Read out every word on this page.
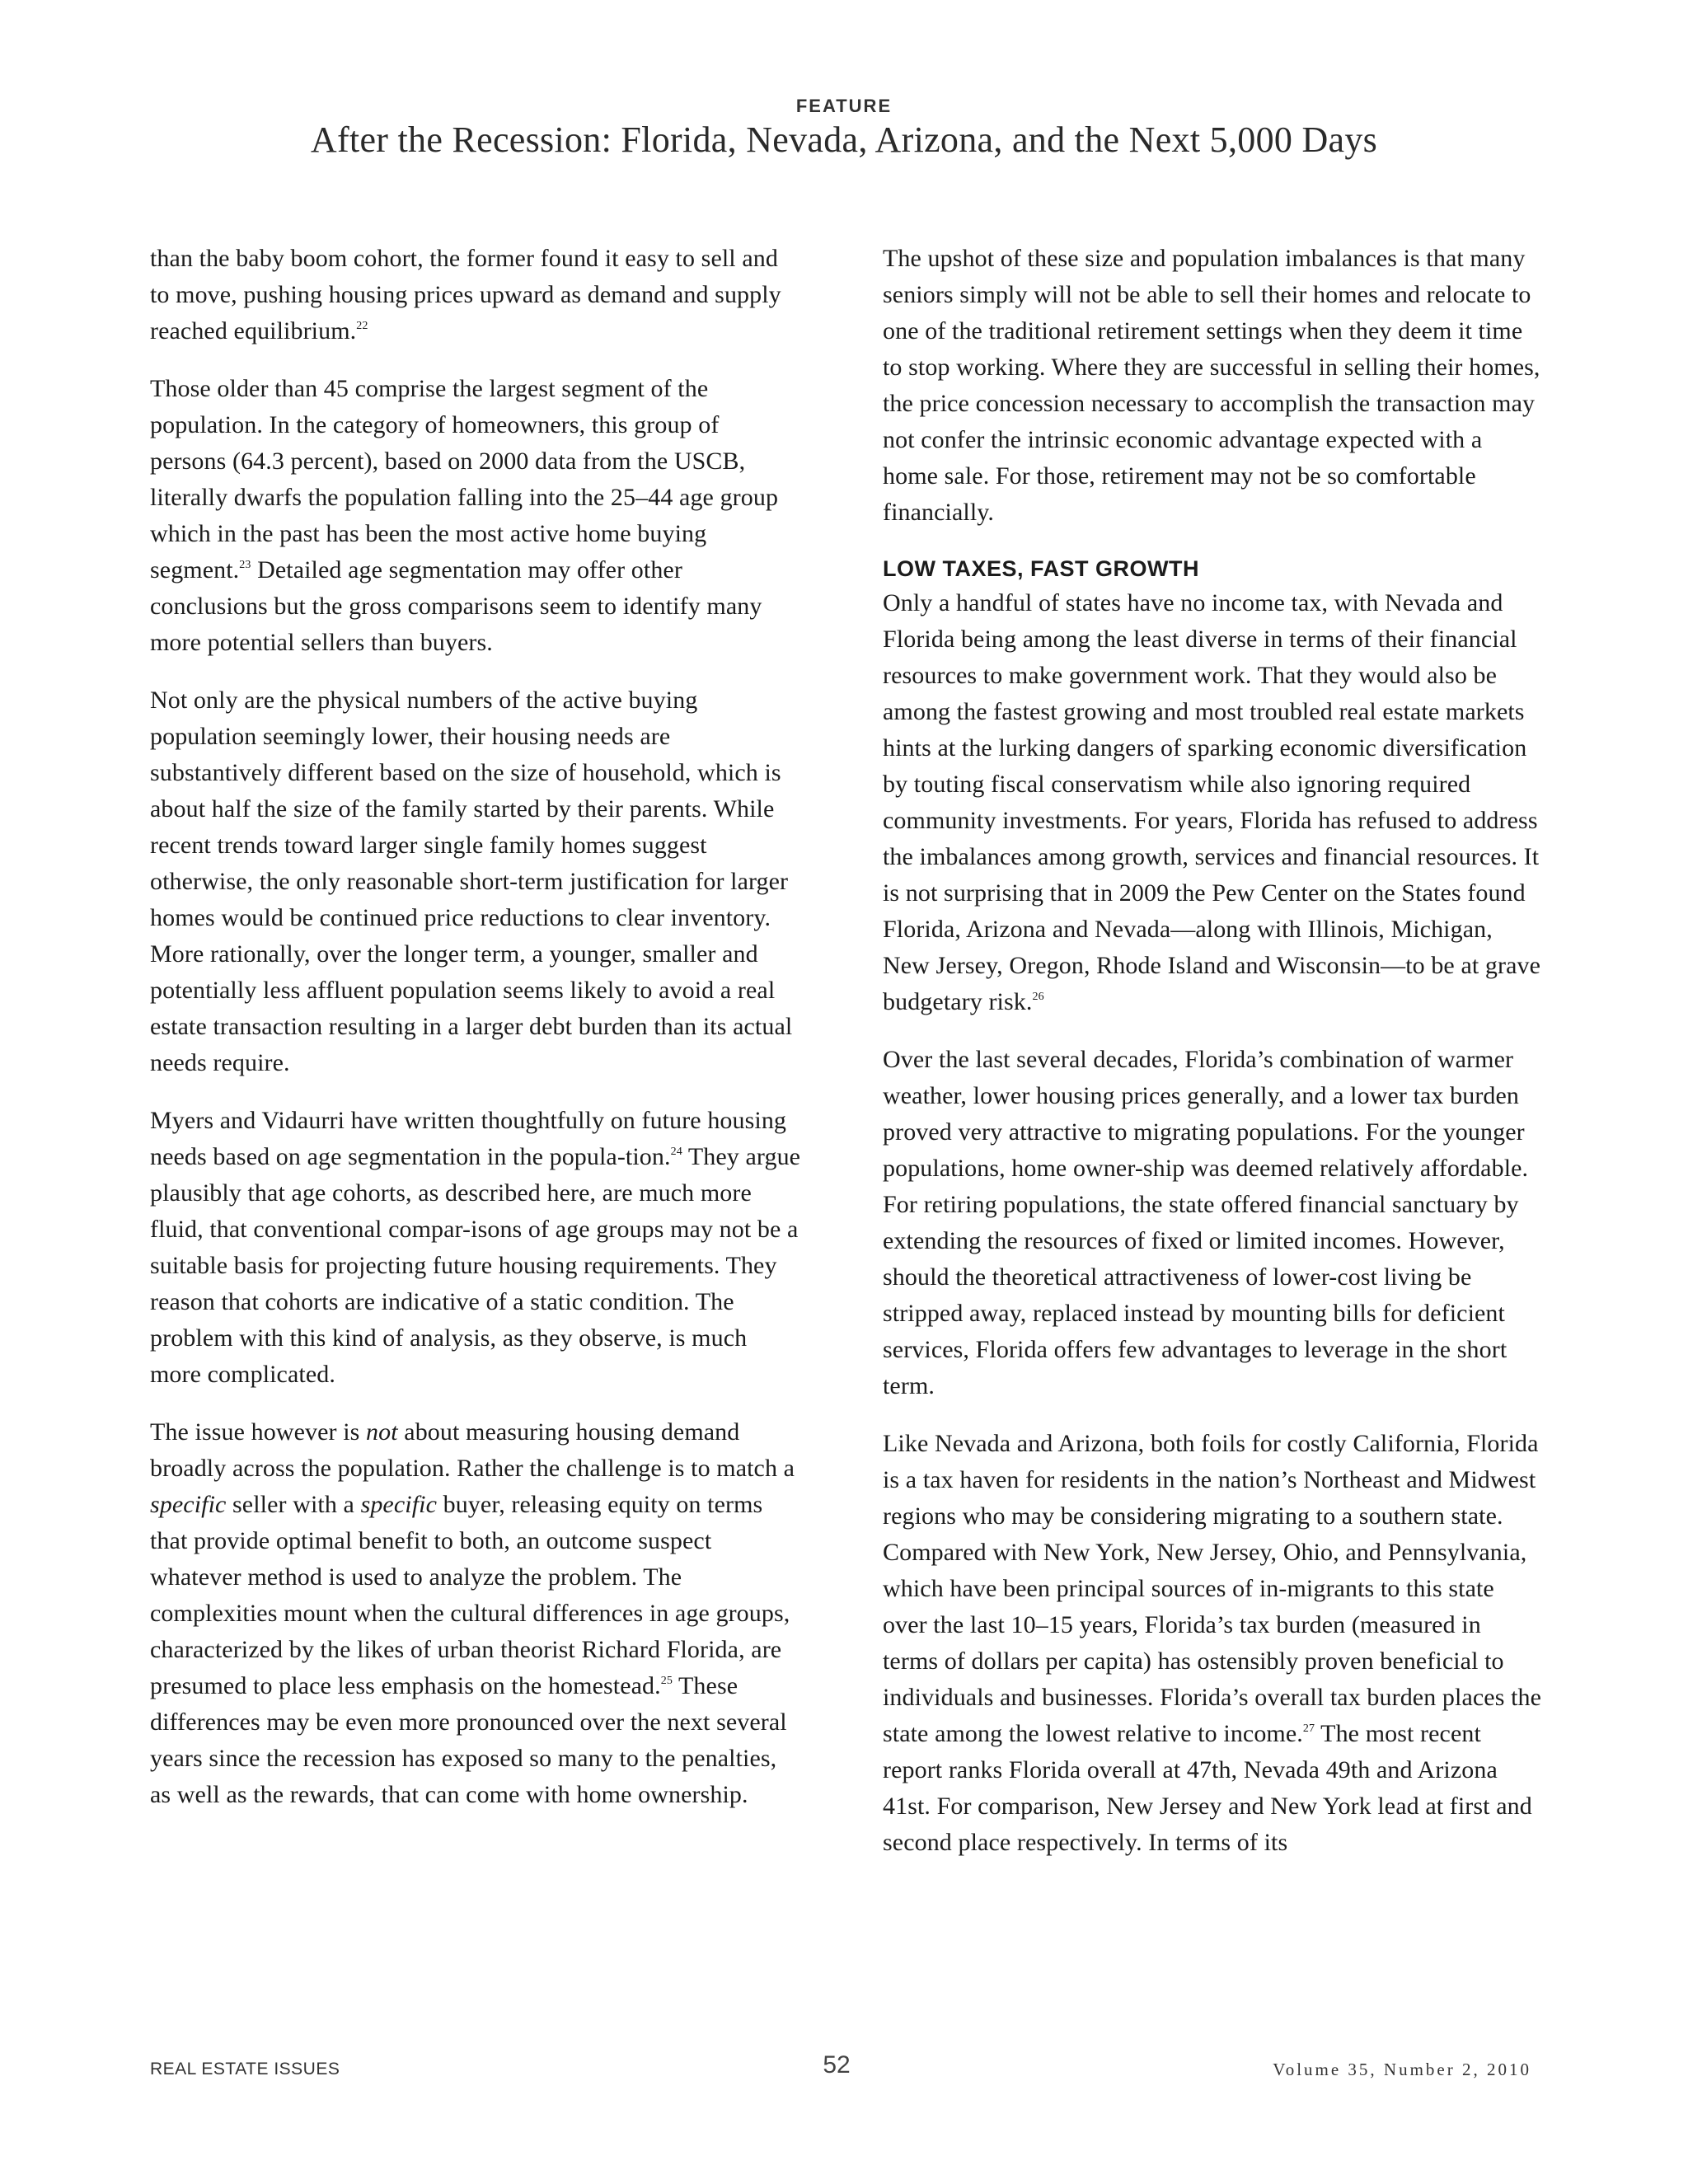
FEATURE
After the Recession: Florida, Nevada, Arizona, and the Next 5,000 Days

than the baby boom cohort, the former found it easy to sell and to move, pushing housing prices upward as demand and supply reached equilibrium.$^{22}$

Those older than 45 comprise the largest segment of the population. In the category of homeowners, this group of persons (64.3 percent), based on 2000 data from the USCB, literally dwarfs the population falling into the 25–44 age group which in the past has been the most active home buying segment.$^{23}$ Detailed age segmentation may offer other conclusions but the gross comparisons seem to identify many more potential sellers than buyers.

Not only are the physical numbers of the active buying population seemingly lower, their housing needs are substantively different based on the size of household, which is about half the size of the family started by their parents. While recent trends toward larger single family homes suggest otherwise, the only reasonable short-term justification for larger homes would be continued price reductions to clear inventory. More rationally, over the longer term, a younger, smaller and potentially less affluent population seems likely to avoid a real estate transaction resulting in a larger debt burden than its actual needs require.

Myers and Vidaurri have written thoughtfully on future housing needs based on age segmentation in the popula-tion.$^{24}$ They argue plausibly that age cohorts, as described here, are much more fluid, that conventional compar-isons of age groups may not be a suitable basis for projecting future housing requirements. They reason that cohorts are indicative of a static condition. The problem with this kind of analysis, as they observe, is much more complicated.

The issue however is not about measuring housing demand broadly across the population. Rather the challenge is to match a specific seller with a specific buyer, releasing equity on terms that provide optimal benefit to both, an outcome suspect whatever method is used to analyze the problem. The complexities mount when the cultural differences in age groups, characterized by the likes of urban theorist Richard Florida, are presumed to place less emphasis on the homestead.$^{25}$ These differences may be even more pronounced over the next several years since the recession has exposed so many to the penalties, as well as the rewards, that can come with home ownership.

The upshot of these size and population imbalances is that many seniors simply will not be able to sell their homes and relocate to one of the traditional retirement settings when they deem it time to stop working. Where they are successful in selling their homes, the price concession necessary to accomplish the transaction may not confer the intrinsic economic advantage expected with a home sale. For those, retirement may not be so comfortable financially.

LOW TAXES, FAST GROWTH

Only a handful of states have no income tax, with Nevada and Florida being among the least diverse in terms of their financial resources to make government work. That they would also be among the fastest growing and most troubled real estate markets hints at the lurking dangers of sparking economic diversification by touting fiscal conservatism while also ignoring required community investments. For years, Florida has refused to address the imbalances among growth, services and financial resources. It is not surprising that in 2009 the Pew Center on the States found Florida, Arizona and Nevada—along with Illinois, Michigan, New Jersey, Oregon, Rhode Island and Wisconsin—to be at grave budgetary risk.$^{26}$

Over the last several decades, Florida’s combination of warmer weather, lower housing prices generally, and a lower tax burden proved very attractive to migrating populations. For the younger populations, home owner-ship was deemed relatively affordable. For retiring populations, the state offered financial sanctuary by extending the resources of fixed or limited incomes. However, should the theoretical attractiveness of lower-cost living be stripped away, replaced instead by mounting bills for deficient services, Florida offers few advantages to leverage in the short term.

Like Nevada and Arizona, both foils for costly California, Florida is a tax haven for residents in the nation’s Northeast and Midwest regions who may be considering migrating to a southern state. Compared with New York, New Jersey, Ohio, and Pennsylvania, which have been principal sources of in-migrants to this state over the last 10–15 years, Florida’s tax burden (measured in terms of dollars per capita) has ostensibly proven beneficial to individuals and businesses. Florida’s overall tax burden places the state among the lowest relative to income.$^{27}$ The most recent report ranks Florida overall at 47th, Nevada 49th and Arizona 41st. For comparison, New Jersey and New York lead at first and second place respectively. In terms of its

REAL ESTATE ISSUES	52	Volume 35, Number 2, 2010
